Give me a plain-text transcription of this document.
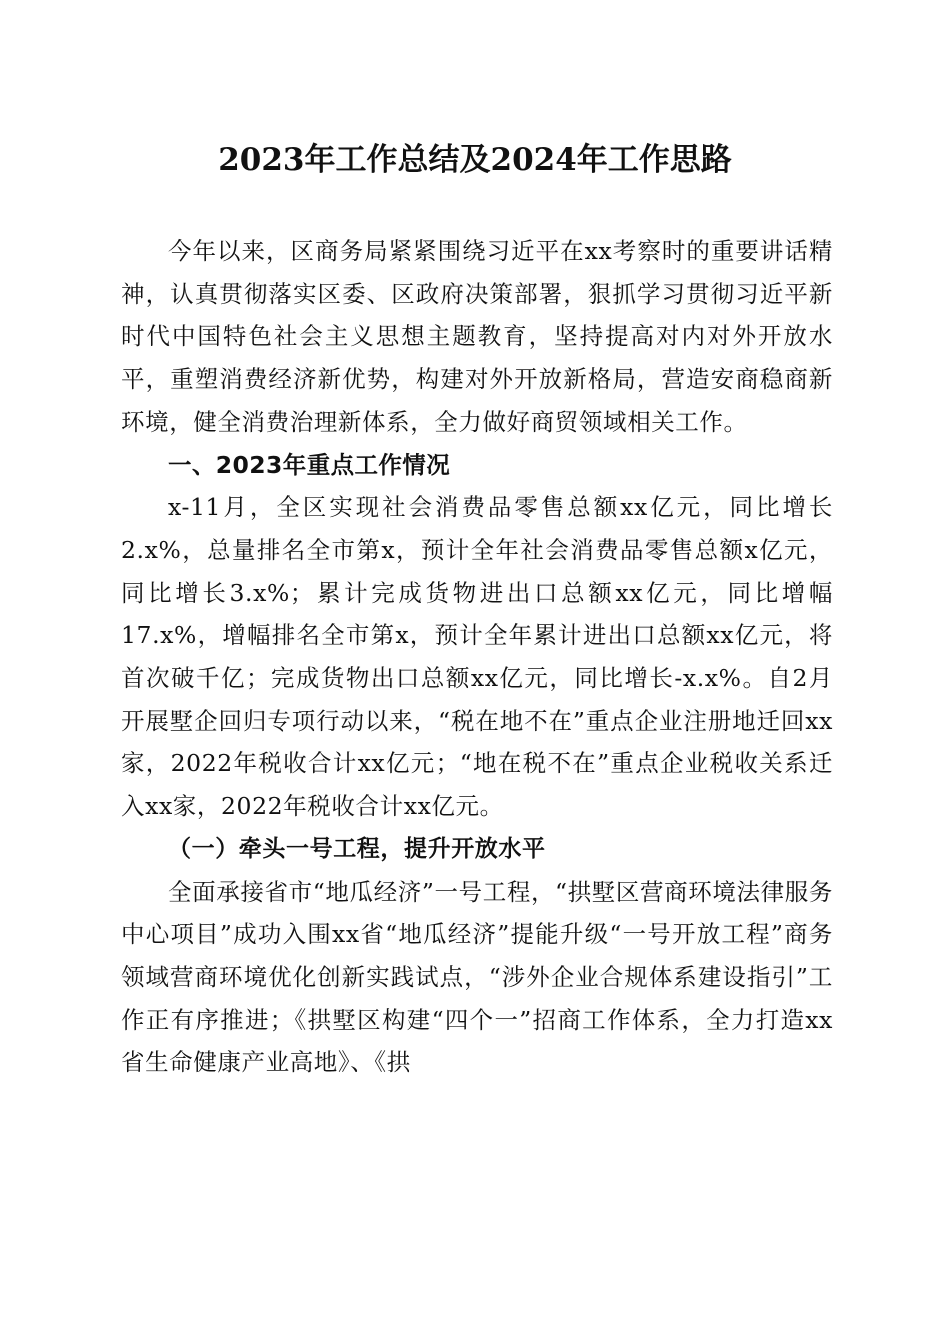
2023年工作总结及2024年工作思路

今年以来，区商务局紧紧围绕习近平在xx考察时的重要讲话精神，认真贯彻落实区委、区政府决策部署，狠抓学习贯彻习近平新时代中国特色社会主义思想主题教育，坚持提高对内对外开放水平，重塑消费经济新优势，构建对外开放新格局，营造安商稳商新环境，健全消费治理新体系，全力做好商贸领域相关工作。

一、2023年重点工作情况

x-11月，全区实现社会消费品零售总额xx亿元，同比增长2.x%，总量排名全市第x，预计全年社会消费品零售总额x亿元，同比增长3.x%；累计完成货物进出口总额xx亿元，同比增幅17.x%，增幅排名全市第x，预计全年累计进出口总额xx亿元，将首次破千亿；完成货物出口总额xx亿元，同比增长-x.x%。自2月开展墅企回归专项行动以来，“税在地不在”重点企业注册地迁回xx家，2022年税收合计xx亿元；“地在税不在”重点企业税收关系迁入xx家，2022年税收合计xx亿元。

（一）牵头一号工程，提升开放水平

全面承接省市“地瓜经济”一号工程，“拱墅区营商环境法律服务中心项目”成功入围xx省“地瓜经济”提能升级“一号开放工程”商务领域营商环境优化创新实践试点，“涉外企业合规体系建设指引”工作正有序推进；《拱墅区构建“四个一”招商工作体系，全力打造xx省生命健康产业高地》、《拱
